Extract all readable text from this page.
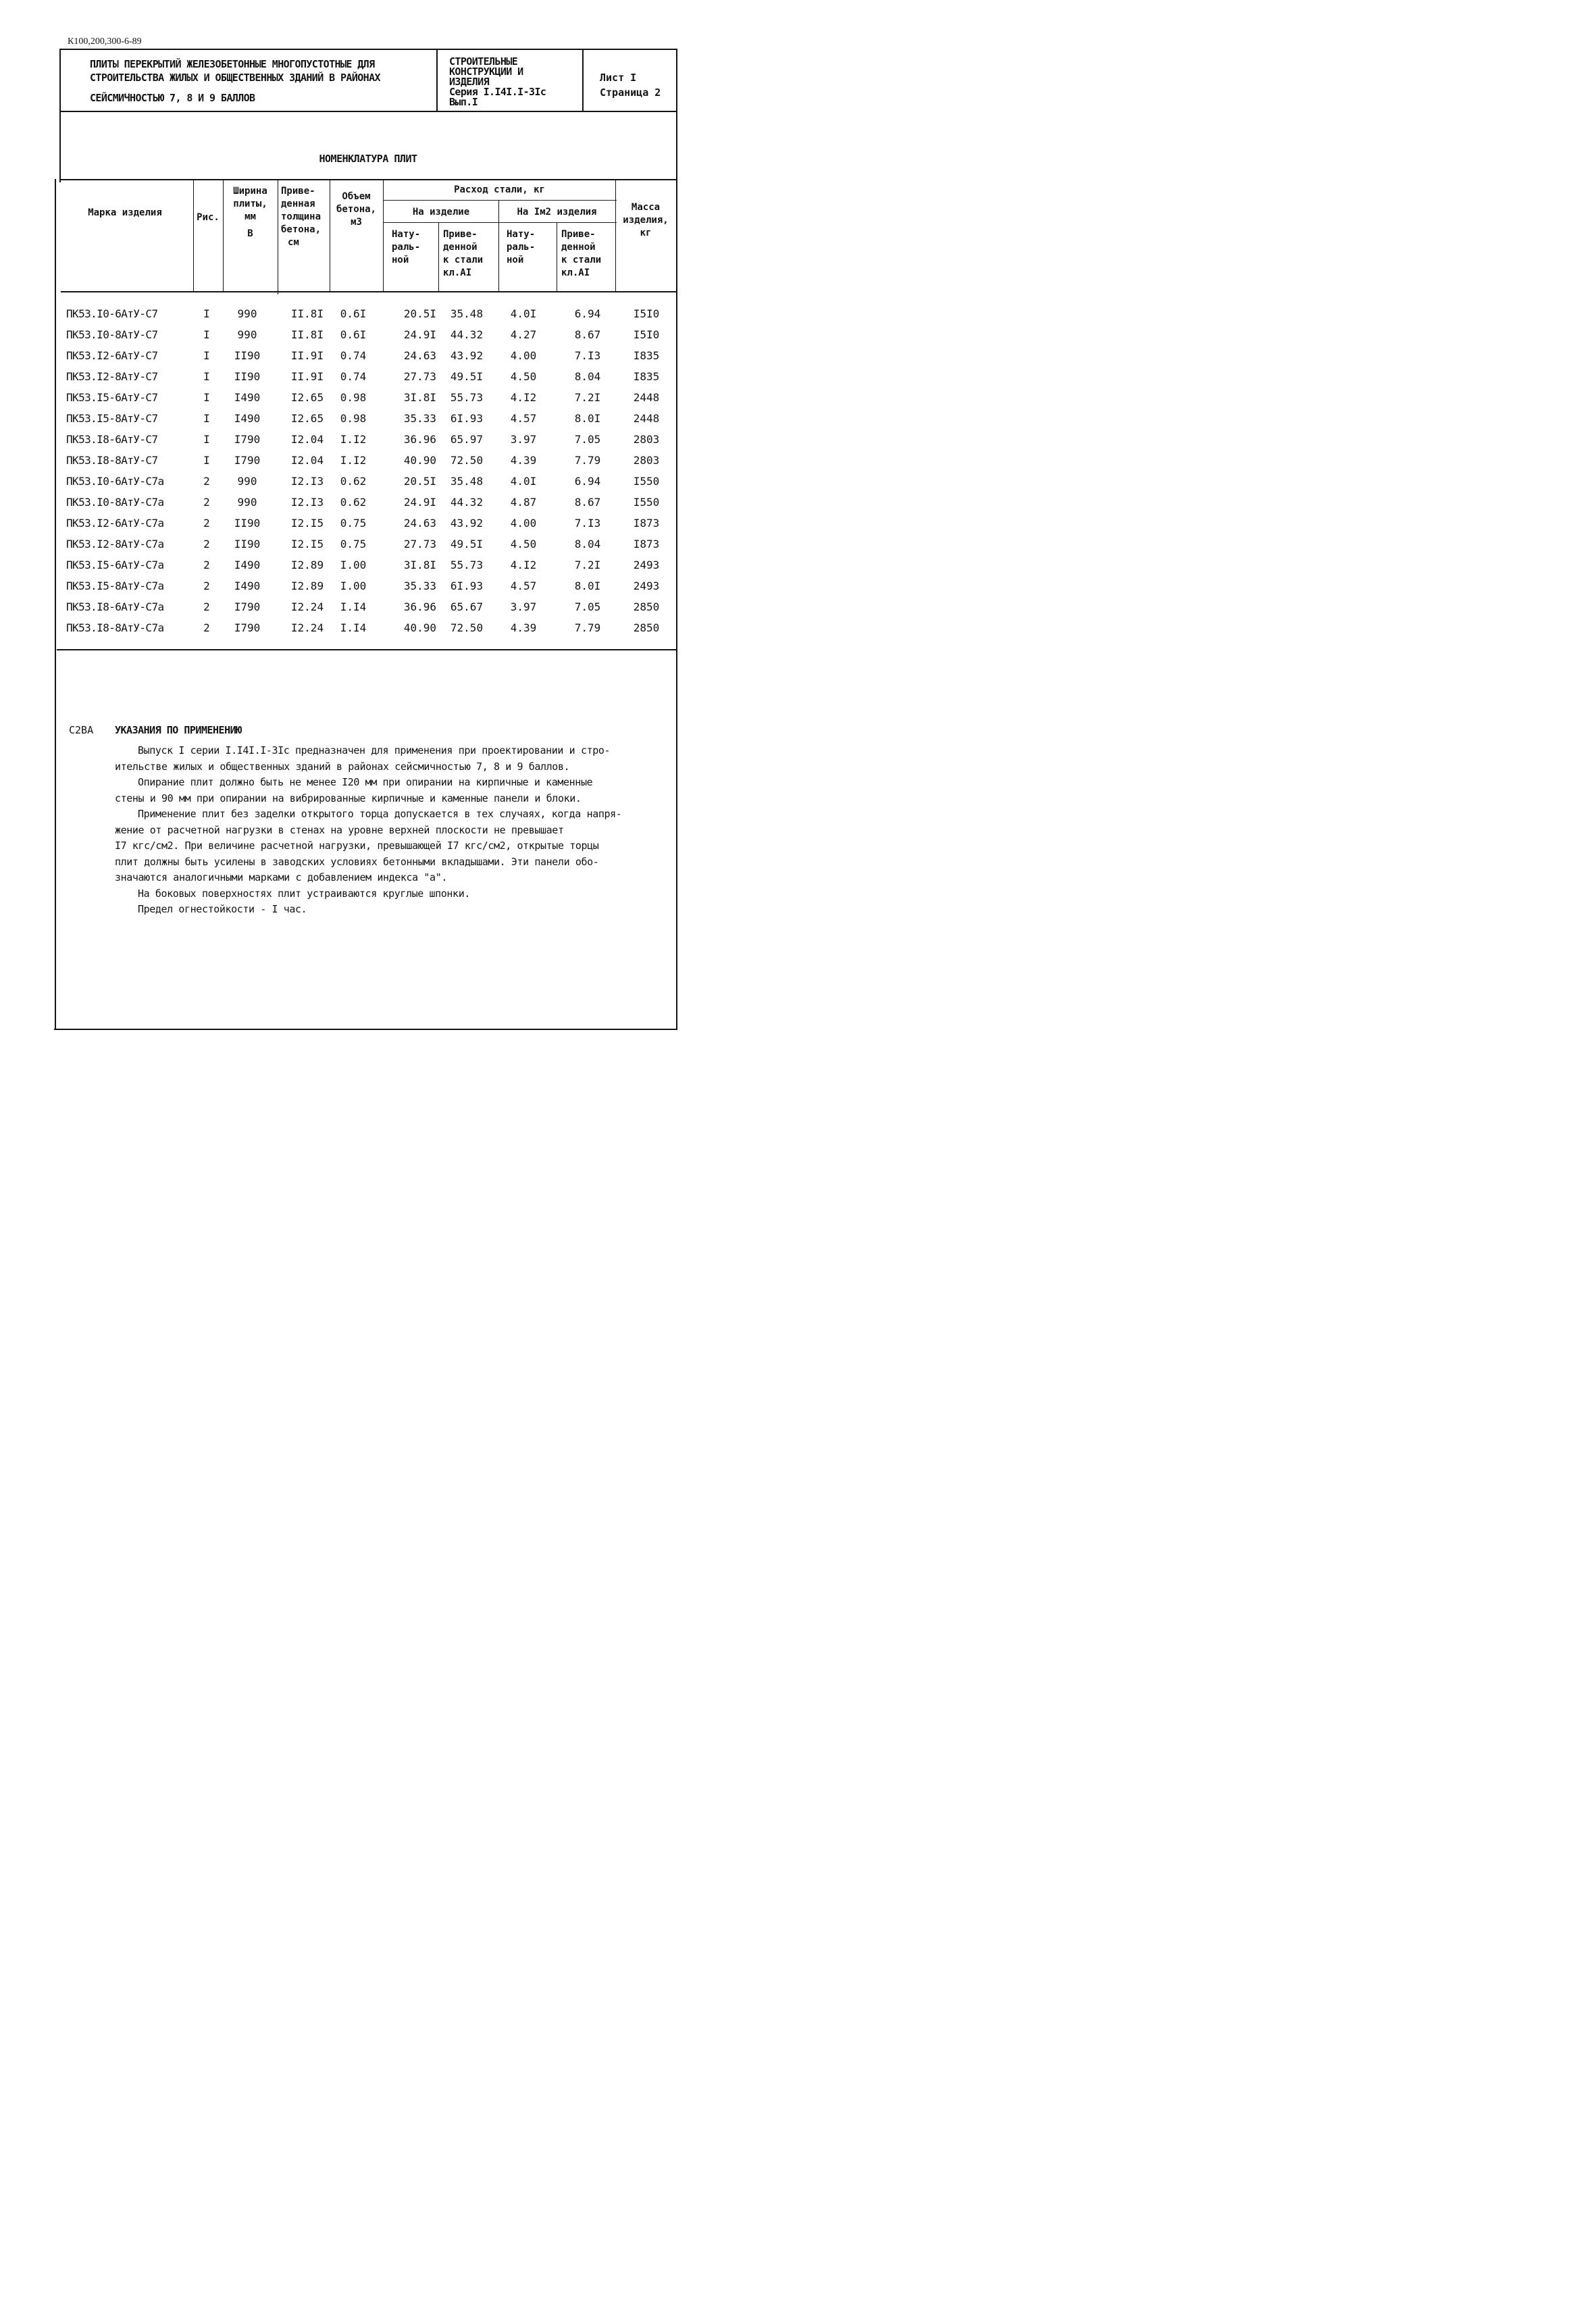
К100,200,300-6-89
ПЛИТЫ ПЕРЕКРЫТИЙ ЖЕЛЕЗОБЕТОННЫЕ МНОГОПУСТОТНЫЕ ДЛЯ
СТРОИТЕЛЬСТВА ЖИЛЫХ И ОБЩЕСТВЕННЫХ ЗДАНИЙ В РАЙОНАХ
СЕЙСМИЧНОСТЬЮ 7, 8 И 9 БАЛЛОВ
СТРОИТЕЛЬНЫЕ
КОНСТРУКЦИИ И
ИЗДЕЛИЯ
Серия I.I4I.I-3Iс
Вып.I
Лист I
Страница 2
НОМЕНКЛАТУРА ПЛИТ
Марка изделия	Рис.
Ширина
плиты,
мм
В
Приве-
денная
толщина
бетона,
см
Объем
бетона,
м3
Расход стали, кг
На изделие	На Iм2 изделия
Нату-
раль-
ной
Приве-
денной
к стали
кл.АI
Нату-
раль-
ной
Приве-
денной
к стали
кл.АI
Масса
изделия,
кг
ПК53.I0-6АтУ-С7	I	990	II.8I	0.6I	20.5I	35.48	4.0I	6.94	I5I0
ПК53.I0-8АтУ-С7	I	990	II.8I	0.6I	24.9I	44.32	4.27	8.67	I5I0
ПК53.I2-6АтУ-С7	I	II90	II.9I	0.74	24.63	43.92	4.00	7.I3	I835
ПК53.I2-8АтУ-С7	I	II90	II.9I	0.74	27.73	49.5I	4.50	8.04	I835
ПК53.I5-6АтУ-С7	I	I490	I2.65	0.98	3I.8I	55.73	4.I2	7.2I	2448
ПК53.I5-8АтУ-С7	I	I490	I2.65	0.98	35.33	6I.93	4.57	8.0I	2448
ПК53.I8-6АтУ-С7	I	I790	I2.04	I.I2	36.96	65.97	3.97	7.05	2803
ПК53.I8-8АтУ-С7	I	I790	I2.04	I.I2	40.90	72.50	4.39	7.79	2803
ПК53.I0-6АтУ-С7а	2	990	I2.I3	0.62	20.5I	35.48	4.0I	6.94	I550
ПК53.I0-8АтУ-С7а	2	990	I2.I3	0.62	24.9I	44.32	4.87	8.67	I550
ПК53.I2-6АтУ-С7а	2	II90	I2.I5	0.75	24.63	43.92	4.00	7.I3	I873
ПК53.I2-8АтУ-С7а	2	II90	I2.I5	0.75	27.73	49.5I	4.50	8.04	I873
ПК53.I5-6АтУ-С7а	2	I490	I2.89	I.00	3I.8I	55.73	4.I2	7.2I	2493
ПК53.I5-8АтУ-С7а	2	I490	I2.89	I.00	35.33	6I.93	4.57	8.0I	2493
ПК53.I8-6АтУ-С7а	2	I790	I2.24	I.I4	36.96	65.67	3.97	7.05	2850
ПК53.I8-8АтУ-С7а	2	I790	I2.24	I.I4	40.90	72.50	4.39	7.79	2850
С2ВА УКАЗАНИЯ ПО ПРИМЕНЕНИЮ

Выпуск I серии I.I4I.I-3Iс предназначен для применения при проектировании и стро-

ительстве жилых и общественных зданий в районах сейсмичностью 7, 8 и 9 баллов.

Опирание плит должно быть не менее I20 мм при опирании на кирпичные и каменные

стены и 90 мм при опирании на вибрированные кирпичные и каменные панели и блоки.

Применение плит без заделки открытого торца допускается в тех случаях, когда напря-

жение от расчетной нагрузки в стенах на уровне верхней плоскости не превышает

I7 кгс/см2. При величине расчетной нагрузки, превышающей I7 кгс/см2, открытые торцы

плит должны быть усилены в заводских условиях бетонными вкладышами. Эти панели обо-

значаются аналогичными марками с добавлением индекса "а".

На боковых поверхностях плит устраиваются круглые шпонки.

Предел огнестойкости - I час.
